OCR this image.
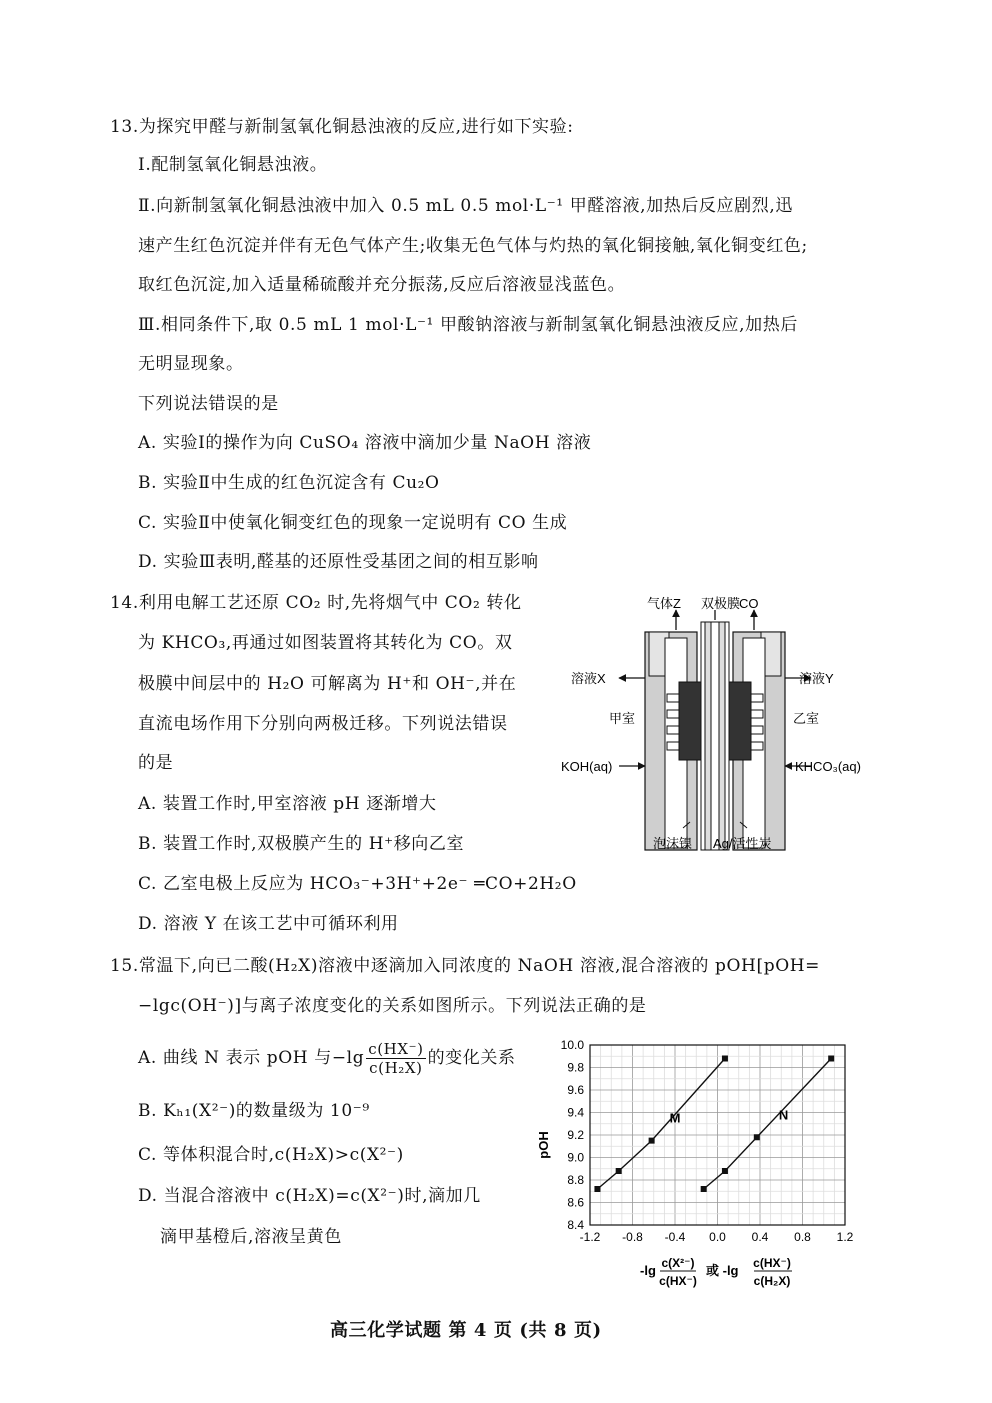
13.为探究甲醛与新制氢氧化铜悬浊液的反应,进行如下实验:
Ⅰ.配制氢氧化铜悬浊液。
Ⅱ.向新制氢氧化铜悬浊液中加入 0.5 mL 0.5 mol·L⁻¹ 甲醛溶液,加热后反应剧烈,迅
速产生红色沉淀并伴有无色气体产生;收集无色气体与灼热的氧化铜接触,氧化铜变红色;
取红色沉淀,加入适量稀硫酸并充分振荡,反应后溶液显浅蓝色。
Ⅲ.相同条件下,取 0.5 mL 1 mol·L⁻¹ 甲酸钠溶液与新制氢氧化铜悬浊液反应,加热后
无明显现象。
下列说法错误的是
A. 实验Ⅰ的操作为向 CuSO₄ 溶液中滴加少量 NaOH 溶液
B. 实验Ⅱ中生成的红色沉淀含有 Cu₂O
C. 实验Ⅱ中使氧化铜变红色的现象一定说明有 CO 生成
D. 实验Ⅲ表明,醛基的还原性受基团之间的相互影响
14.利用电解工艺还原 CO₂ 时,先将烟气中 CO₂ 转化
为 KHCO₃,再通过如图装置将其转化为 CO。双
极膜中间层中的 H₂O 可解离为 H⁺和 OH⁻,并在
直流电场作用下分别向两极迁移。下列说法错误
的是
A. 装置工作时,甲室溶液 pH 逐渐增大
B. 装置工作时,双极膜产生的 H⁺移向乙室
C. 乙室电极上反应为 HCO₃⁻+3H⁺+2e⁻ ═CO+2H₂O
D. 溶液 Y 在该工艺中可循环利用
气体Z 双极膜
CO
溶液X	溶液Y
甲室	乙室
KOH(aq)	KHCO₃(aq)
泡沫镍 Ag/活性炭
15.常温下,向已二酸(H₂X)溶液中逐滴加入同浓度的 NaOH 溶液,混合溶液的 pOH[pOH=
−lgc(OH⁻)]与离子浓度变化的关系如图所示。下列说法正确的是
A. 曲线 N 表示 pOH 与$-\lg \frac{c(HX^-)}{\text{c(H₂X)}}$ 的变化关系
B. Kₕ₁(X²⁻)的数量级为 10⁻⁹
C. 等体积混合时,c(H₂X)>c(X²⁻)
D. 当混合溶液中 c(H₂X)=c(X²⁻)时,滴加几
滴甲基橙后,溶液呈黄色
8.4
8.6
8.8
9.0
9.2
9.4
9.6
9.8
10.0
-1.2 -0.8 -0.4 0.0 0.4 0.8 1.2
M	N
pOH
-lg c(X²⁻)
c(HX⁻)
或 -lg c(HX⁻)
c(H₂X)
高三化学试题 第 4 页 (共 8 页)
